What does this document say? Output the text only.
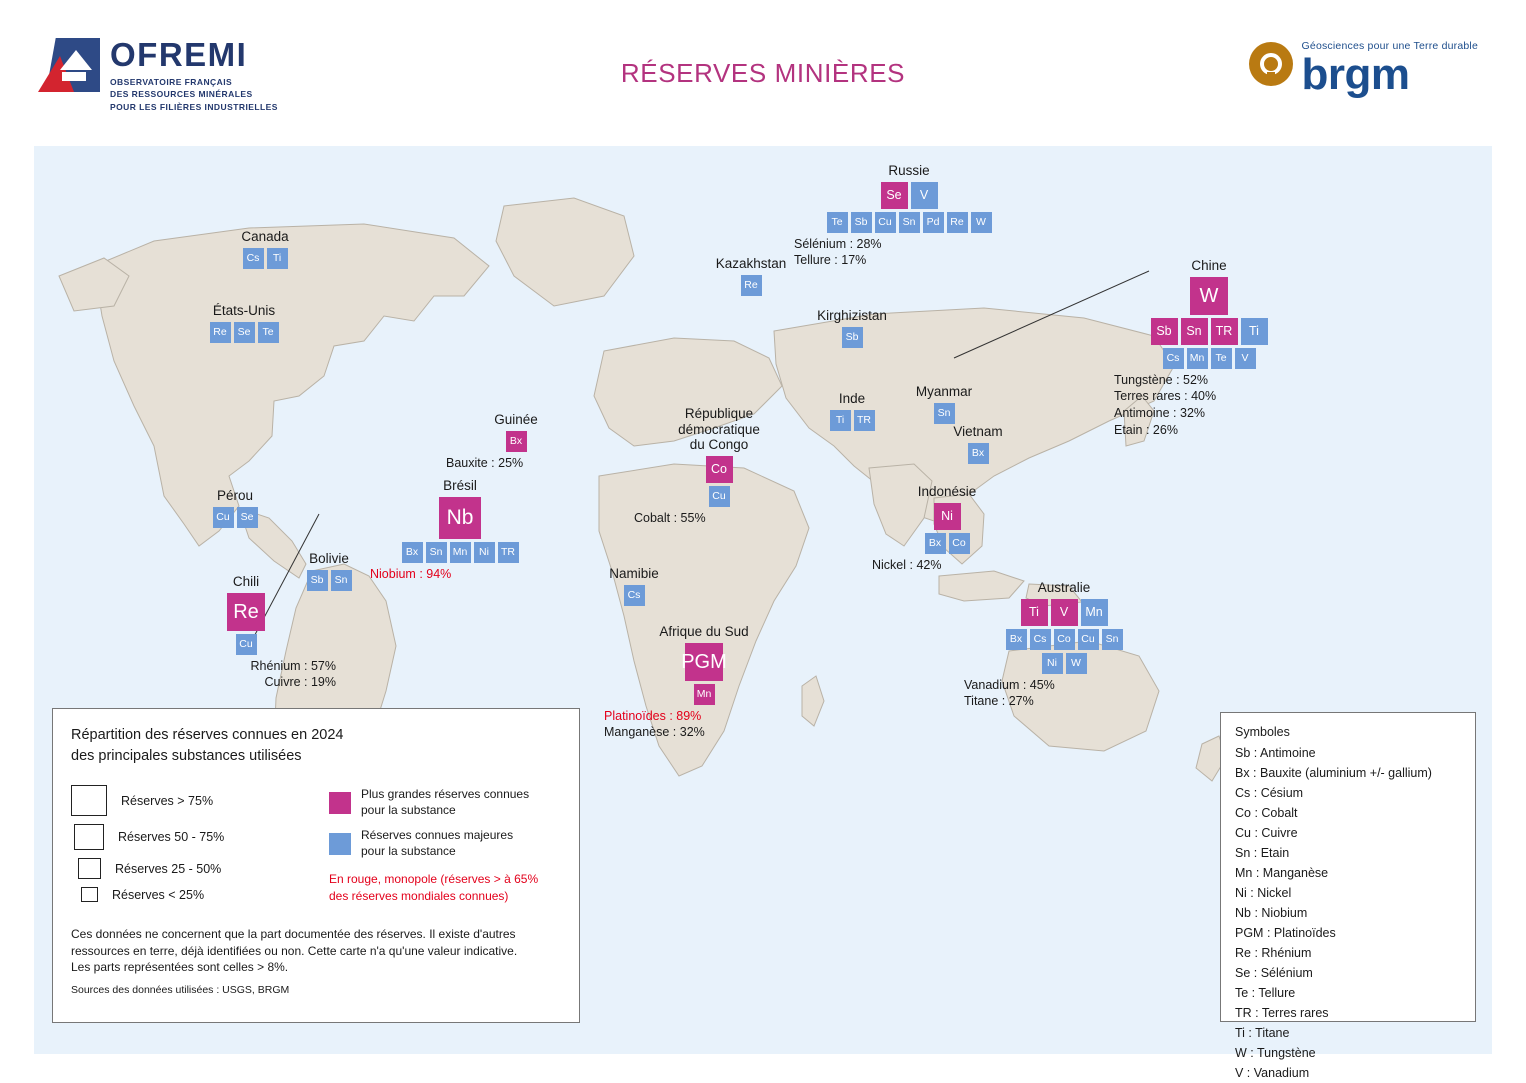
OFREMI
OBSERVATOIRE FRANÇAIS
DES RESSOURCES MINÉRALES
POUR LES FILIÈRES INDUSTRIELLES
RÉSERVES MINIÈRES
Géosciences pour une Terre durable
brgm
Canada
Cs	Ti
États-Unis
Re	Se	Te
Pérou
Cu	Se
Bolivie
Sb	Sn
Chili
Re
Cu
Rhénium : 57%
Cuivre : 19%
Brésil
Nb
Bx	Sn Mn	Ni	TR
Niobium : 94%
Guinée
Bx
Bauxite : 25%
République
démocratique
du Congo
Co
Cu
Cobalt : 55%
Namibie
Cs
Afrique du Sud
PGM
Mn
Platinoïdes : 89%
Manganèse : 32%
Russie
Se	V
Te	Sb	Cu	Sn	Pd	Re	W
Sélénium : 28%
Tellure : 17%
Kazakhstan
Re
Kirghizistan
Sb
Chine
W
Sb	Sn	TR	Ti
Cs Mn	Te	V
Tungstène : 52%
Terres rares : 40%
Antimoine : 32%
Etain : 26%
Inde
Ti	TR
Myanmar
Sn
Vietnam
Bx
Indonésie
Ni
Bx	Co
Nickel : 42%
Australie
Ti	V	Mn
Bx	Cs	Co	Cu	Sn
Ni	W
Vanadium : 45%
Titane : 27%
Répartition des réserves connues en 2024
des principales substances utilisées
Réserves > 75%
Réserves 50 - 75%
Réserves 25 - 50%
Réserves < 25%
Plus grandes réserves connues
pour la substance
Réserves connues majeures
pour la substance
En rouge, monopole (réserves > à 65%
des réserves mondiales connues)
Ces données ne concernent que la part documentée des réserves. Il existe d'autres
ressources en terre, déjà identifiées ou non. Cette carte n'a qu'une valeur indicative.
Les parts représentées sont celles > 8%.
Sources des données utilisées : USGS, BRGM
Symboles
Sb : Antimoine
Bx : Bauxite (aluminium +/- gallium)
Cs : Césium
Co : Cobalt
Cu : Cuivre
Sn : Etain
Mn : Manganèse
Ni : Nickel
Nb : Niobium
PGM : Platinoïdes
Re : Rhénium
Se : Sélénium
Te : Tellure
TR : Terres rares
Ti : Titane
W : Tungstène
V : Vanadium
